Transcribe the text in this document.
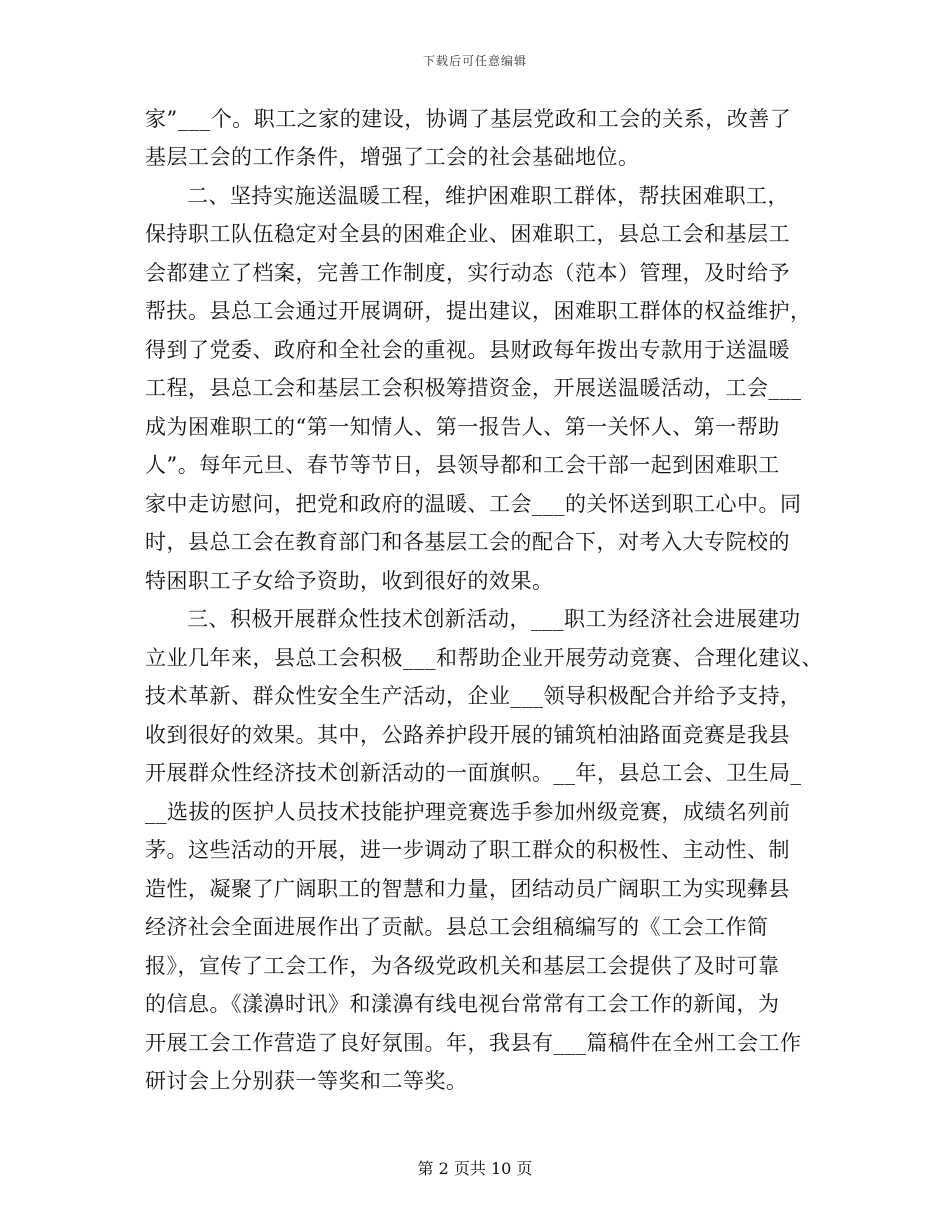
下载后可任意编辑
家”___个。职工之家的建设，协调了基层党政和工会的关系，改善了
基层工会的工作条件，增强了工会的社会基础地位。
二、坚持实施送温暖工程，维护困难职工群体，帮扶困难职工，
保持职工队伍稳定对全县的困难企业、困难职工，县总工会和基层工
会都建立了档案，完善工作制度，实行动态（范本）管理，及时给予
帮扶。县总工会通过开展调研，提出建议，困难职工群体的权益维护，
得到了党委、政府和全社会的重视。县财政每年拨出专款用于送温暖
工程，县总工会和基层工会积极筹措资金，开展送温暖活动，工会___
成为困难职工的“第一知情人、第一报告人、第一关怀人、第一帮助
人”。每年元旦、春节等节日，县领导都和工会干部一起到困难职工
家中走访慰问，把党和政府的温暖、工会___的关怀送到职工心中。同
时，县总工会在教育部门和各基层工会的配合下，对考入大专院校的
特困职工子女给予资助，收到很好的效果。
三、积极开展群众性技术创新活动，___职工为经济社会进展建功
立业几年来，县总工会积极___和帮助企业开展劳动竞赛、合理化建议、
技术革新、群众性安全生产活动，企业___领导积极配合并给予支持，
收到很好的效果。其中，公路养护段开展的铺筑柏油路面竞赛是我县
开展群众性经济技术创新活动的一面旗帜。__年，县总工会、卫生局_
__选拔的医护人员技术技能护理竞赛选手参加州级竞赛，成绩名列前
茅。这些活动的开展，进一步调动了职工群众的积极性、主动性、制
造性，凝聚了广阔职工的智慧和力量，团结动员广阔职工为实现彝县
经济社会全面进展作出了贡献。县总工会组稿编写的《工会工作简
报》，宣传了工会工作，为各级党政机关和基层工会提供了及时可靠
的信息。《漾濞时讯》和漾濞有线电视台常常有工会工作的新闻，为
开展工会工作营造了良好氛围。年，我县有___篇稿件在全州工会工作
研讨会上分别获一等奖和二等奖。
第 2 页共 10 页
